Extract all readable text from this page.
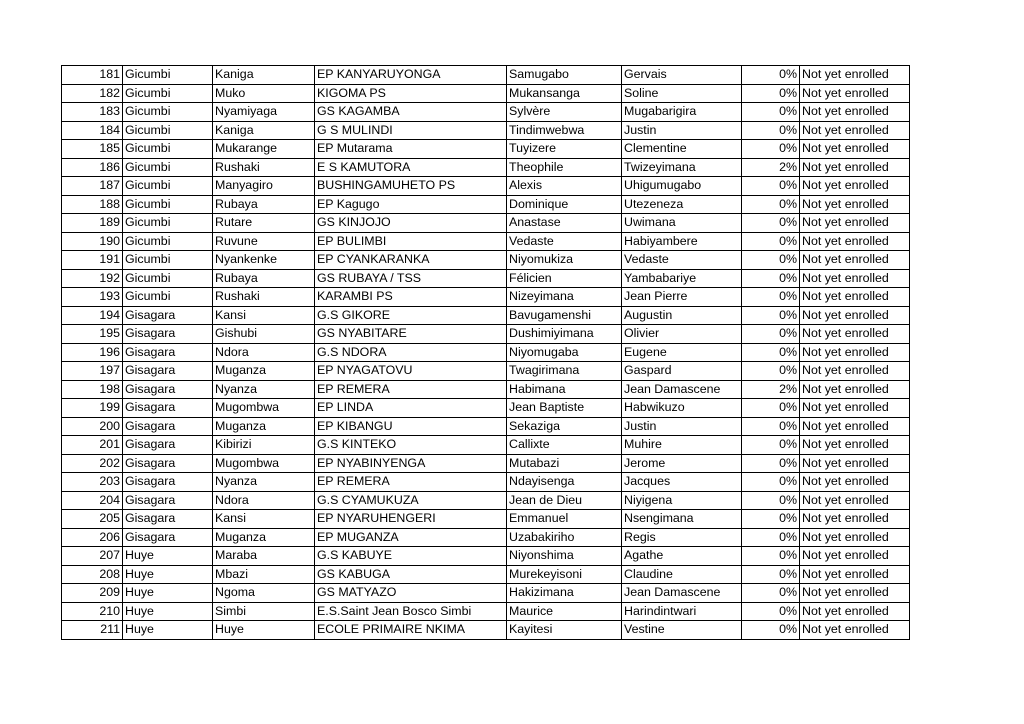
181	Gicumbi	Kaniga	EP KANYARUYONGA	Samugabo	Gervais	0%	Not yet enrolled
182	Gicumbi	Muko	KIGOMA PS	Mukansanga	Soline	0%	Not yet enrolled
183	Gicumbi	Nyamiyaga	GS KAGAMBA	Sylvère	Mugabarigira	0%	Not yet enrolled
184	Gicumbi	Kaniga	G S MULINDI	Tindimwebwa	Justin	0%	Not yet enrolled
185	Gicumbi	Mukarange	EP Mutarama	Tuyizere	Clementine	0%	Not yet enrolled
186	Gicumbi	Rushaki	E S KAMUTORA	Theophile	Twizeyimana	2%	Not yet enrolled
187	Gicumbi	Manyagiro	BUSHINGAMUHETO PS	Alexis	Uhigumugabo	0%	Not yet enrolled
188	Gicumbi	Rubaya	EP Kagugo	Dominique	Utezeneza	0%	Not yet enrolled
189	Gicumbi	Rutare	GS KINJOJO	Anastase	Uwimana	0%	Not yet enrolled
190	Gicumbi	Ruvune	EP BULIMBI	Vedaste	Habiyambere	0%	Not yet enrolled
191	Gicumbi	Nyankenke	EP CYANKARANKA	Niyomukiza	Vedaste	0%	Not yet enrolled
192	Gicumbi	Rubaya	GS RUBAYA / TSS	Félicien	Yambabariye	0%	Not yet enrolled
193	Gicumbi	Rushaki	KARAMBI PS	Nizeyimana	Jean Pierre	0%	Not yet enrolled
194	Gisagara	Kansi	G.S GIKORE	Bavugamenshi	Augustin	0%	Not yet enrolled
195	Gisagara	Gishubi	GS NYABITARE	Dushimiyimana	Olivier	0%	Not yet enrolled
196	Gisagara	Ndora	G.S NDORA	Niyomugaba	Eugene	0%	Not yet enrolled
197	Gisagara	Muganza	EP NYAGATOVU	Twagirimana	Gaspard	0%	Not yet enrolled
198	Gisagara	Nyanza	EP REMERA	Habimana	Jean Damascene	2%	Not yet enrolled
199	Gisagara	Mugombwa	EP LINDA	Jean Baptiste	Habwikuzo	0%	Not yet enrolled
200	Gisagara	Muganza	EP KIBANGU	Sekaziga	Justin	0%	Not yet enrolled
201	Gisagara	Kibirizi	G.S KINTEKO	Callixte	Muhire	0%	Not yet enrolled
202	Gisagara	Mugombwa	EP NYABINYENGA	Mutabazi	Jerome	0%	Not yet enrolled
203	Gisagara	Nyanza	EP REMERA	Ndayisenga	Jacques	0%	Not yet enrolled
204	Gisagara	Ndora	G.S CYAMUKUZA	Jean de Dieu	Niyigena	0%	Not yet enrolled
205	Gisagara	Kansi	EP NYARUHENGERI	Emmanuel	Nsengimana	0%	Not yet enrolled
206	Gisagara	Muganza	EP MUGANZA	Uzabakiriho	Regis	0%	Not yet enrolled
207	Huye	Maraba	G.S KABUYE	Niyonshima	Agathe	0%	Not yet enrolled
208	Huye	Mbazi	GS KABUGA	Murekeyisoni	Claudine	0%	Not yet enrolled
209	Huye	Ngoma	GS MATYAZO	Hakizimana	Jean Damascene	0%	Not yet enrolled
210	Huye	Simbi	E.S.Saint Jean Bosco Simbi	Maurice	Harindintwari	0%	Not yet enrolled
211	Huye	Huye	ECOLE PRIMAIRE NKIMA	Kayitesi	Vestine	0%	Not yet enrolled
